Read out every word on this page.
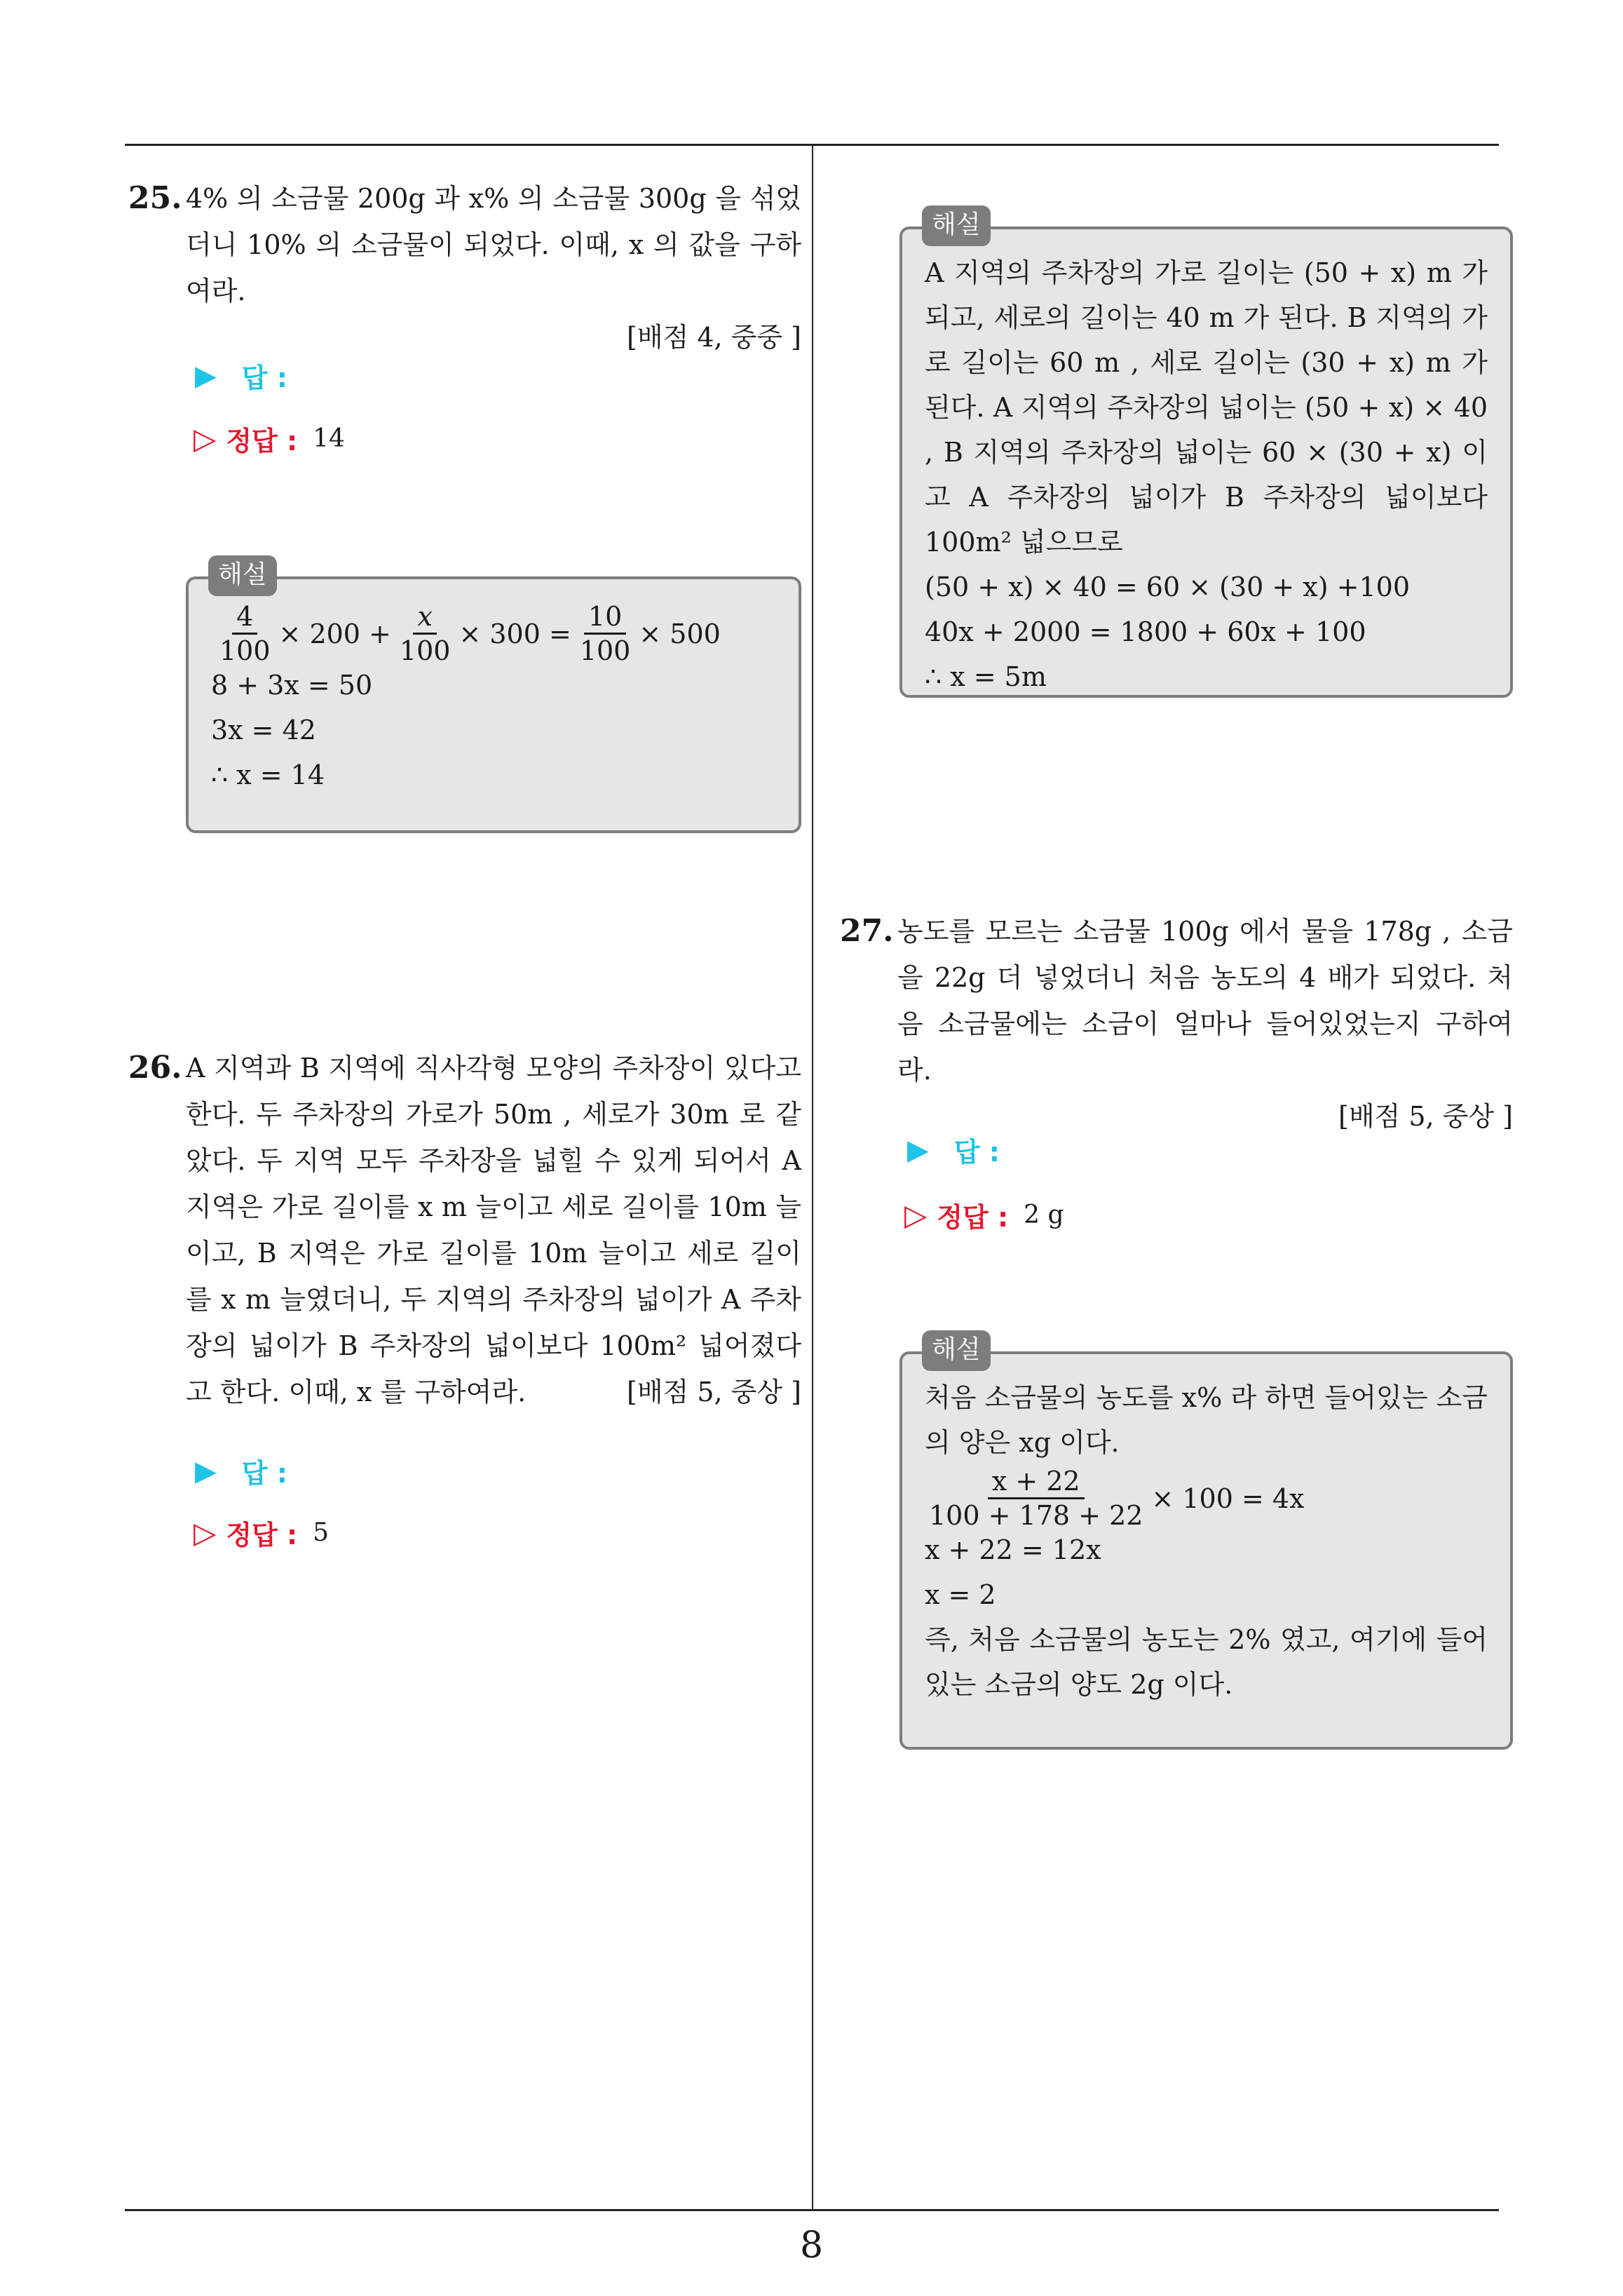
25. 4% 의 소금물 200g 과 x% 의 소금물 300g 을 섞었더니 10% 의 소금물이 되었다. 이때, x 의 값을 구하여라.
[배점 4, 중중 ]
▶ 답 :
▷ 정답 : 14
해설
$\frac{4}{100} \times 200 + \frac{x}{100} \times 300 = \frac{10}{100} \times 500$
8 + 3x = 50
3x = 42
∴ x = 14
26. A 지역과 B 지역에 직사각형 모양의 주차장이 있다고 한다. 두 주차장의 가로가 50m , 세로가 30m 로 같았다. 두 지역 모두 주차장을 넓힐 수 있게 되어서 A 지역은 가로 길이를 x m 늘이고 세로 길이를 10m 늘이고, B 지역은 가로 길이를 10m 늘이고 세로 길이를 x m 늘였더니, 두 지역의 주차장의 넓이가 A 주차장의 넓이가 B 주차장의 넓이보다 100m² 넓어졌다고 한다. 이때, x 를 구하여라.	[배점 5, 중상 ]
▶ 답 :
▷ 정답 : 5
해설
A 지역의 주차장의 가로 길이는 (50 + x) m 가 되고, 세로의 길이는 40 m 가 된다. B 지역의 가로 길이는 60 m , 세로 길이는 (30 + x) m 가 된다. A 지역의 주차장의 넓이는 (50 + x) × 40 , B 지역의 주차장의 넓이는 60 × (30 + x) 이고 A 주차장의 넓이가 B 주차장의 넓이보다 100m² 넓으므로
(50 + x) × 40 = 60 × (30 + x) +100
40x + 2000 = 1800 + 60x + 100
∴ x = 5m
27. 농도를 모르는 소금물 100g 에서 물을 178g , 소금을 22g 더 넣었더니 처음 농도의 4 배가 되었다. 처음 소금물에는 소금이 얼마나 들어있었는지 구하여라.
[배점 5, 중상 ]
▶ 답 :
▷ 정답 : 2 g
해설
처음 소금물의 농도를 x% 라 하면 들어있는 소금의 양은 xg 이다.
$\frac{x + 22}{100 + 178 + 22} \times 100 = 4x$
x + 22 = 12x
x = 2
즉, 처음 소금물의 농도는 2% 였고, 여기에 들어있는 소금의 양도 2g 이다.
8
